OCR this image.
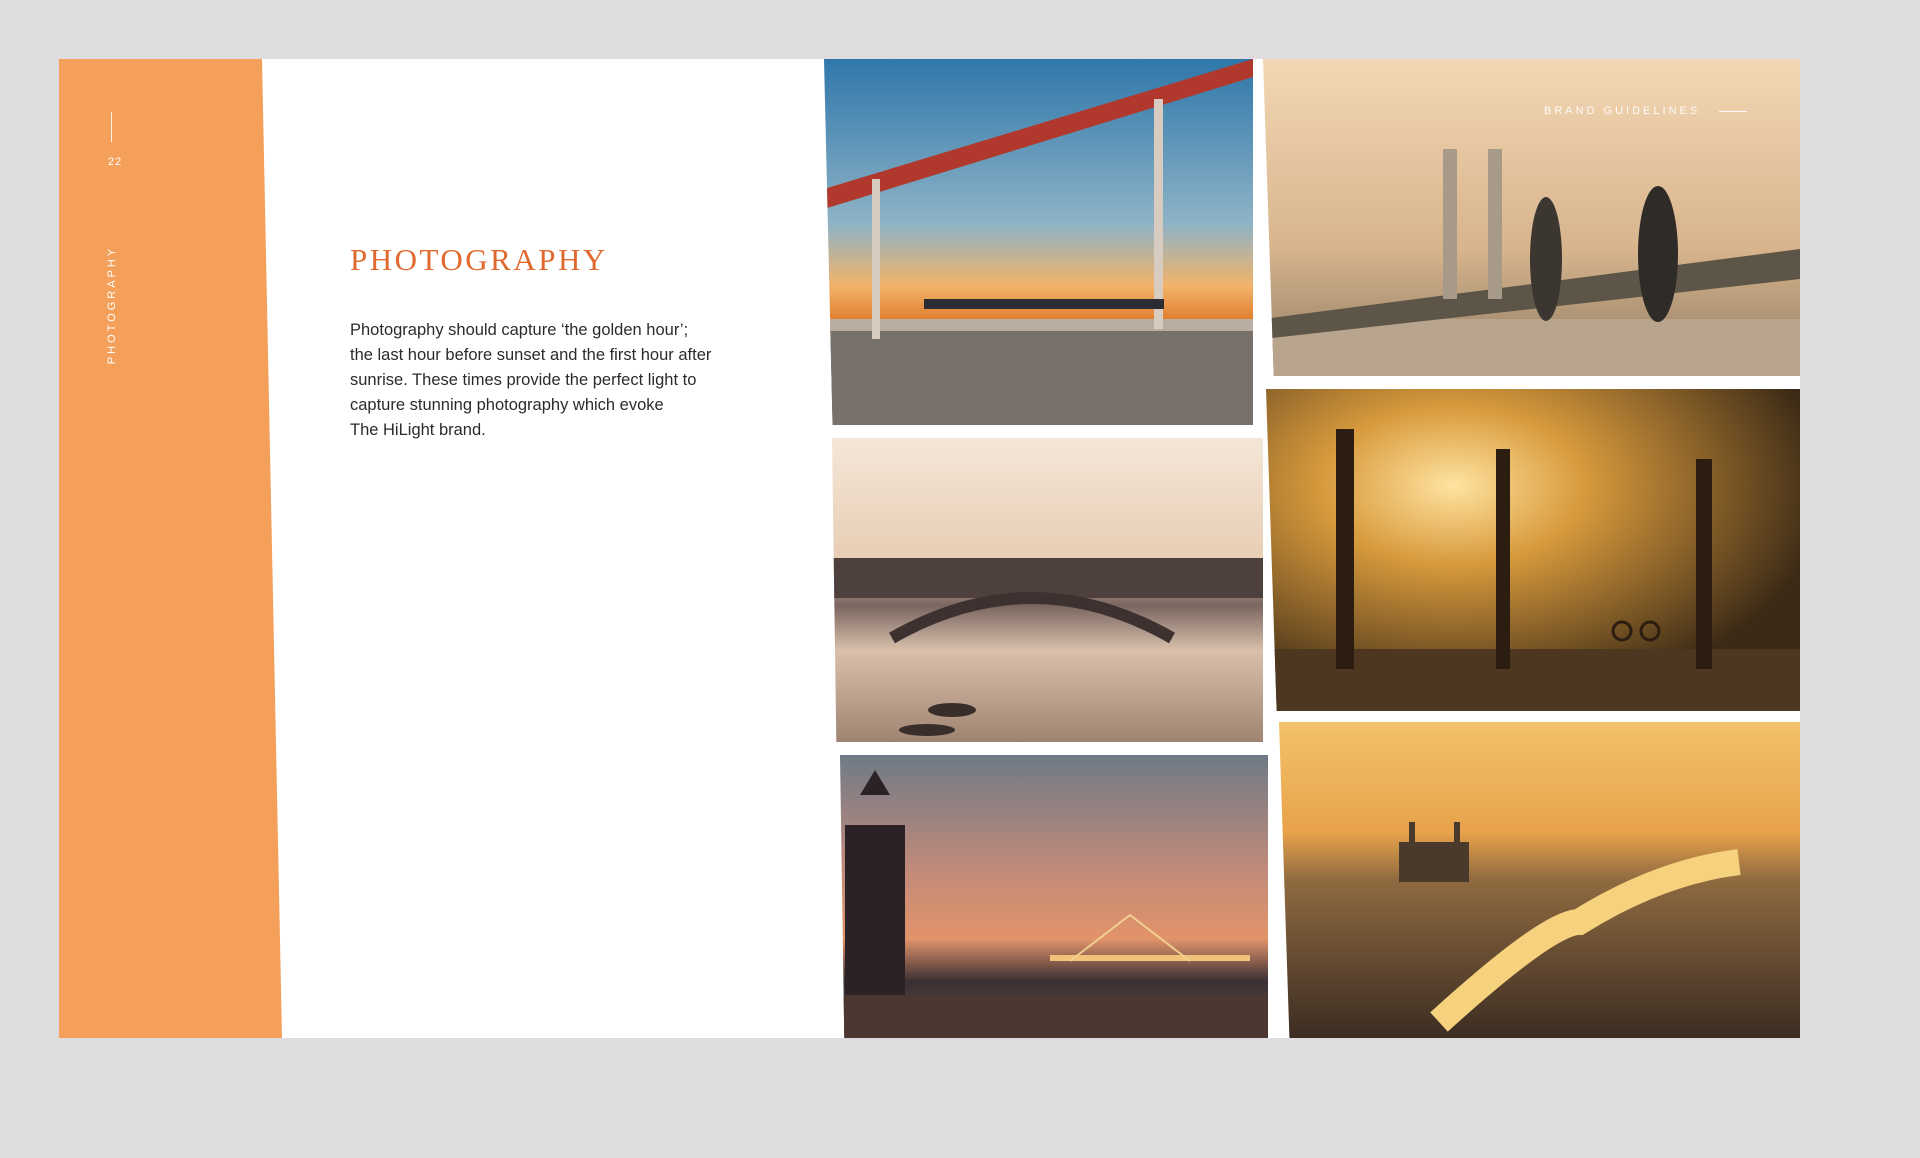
22
PHOTOGRAPHY	PHOTOGRAPHY
Photography should capture ‘the golden hour’;
the last hour before sunset and the first hour after
sunrise. These times provide the perfect light to
capture stunning photography which evoke
The HiLight brand.
BRAND GUIDELINES
